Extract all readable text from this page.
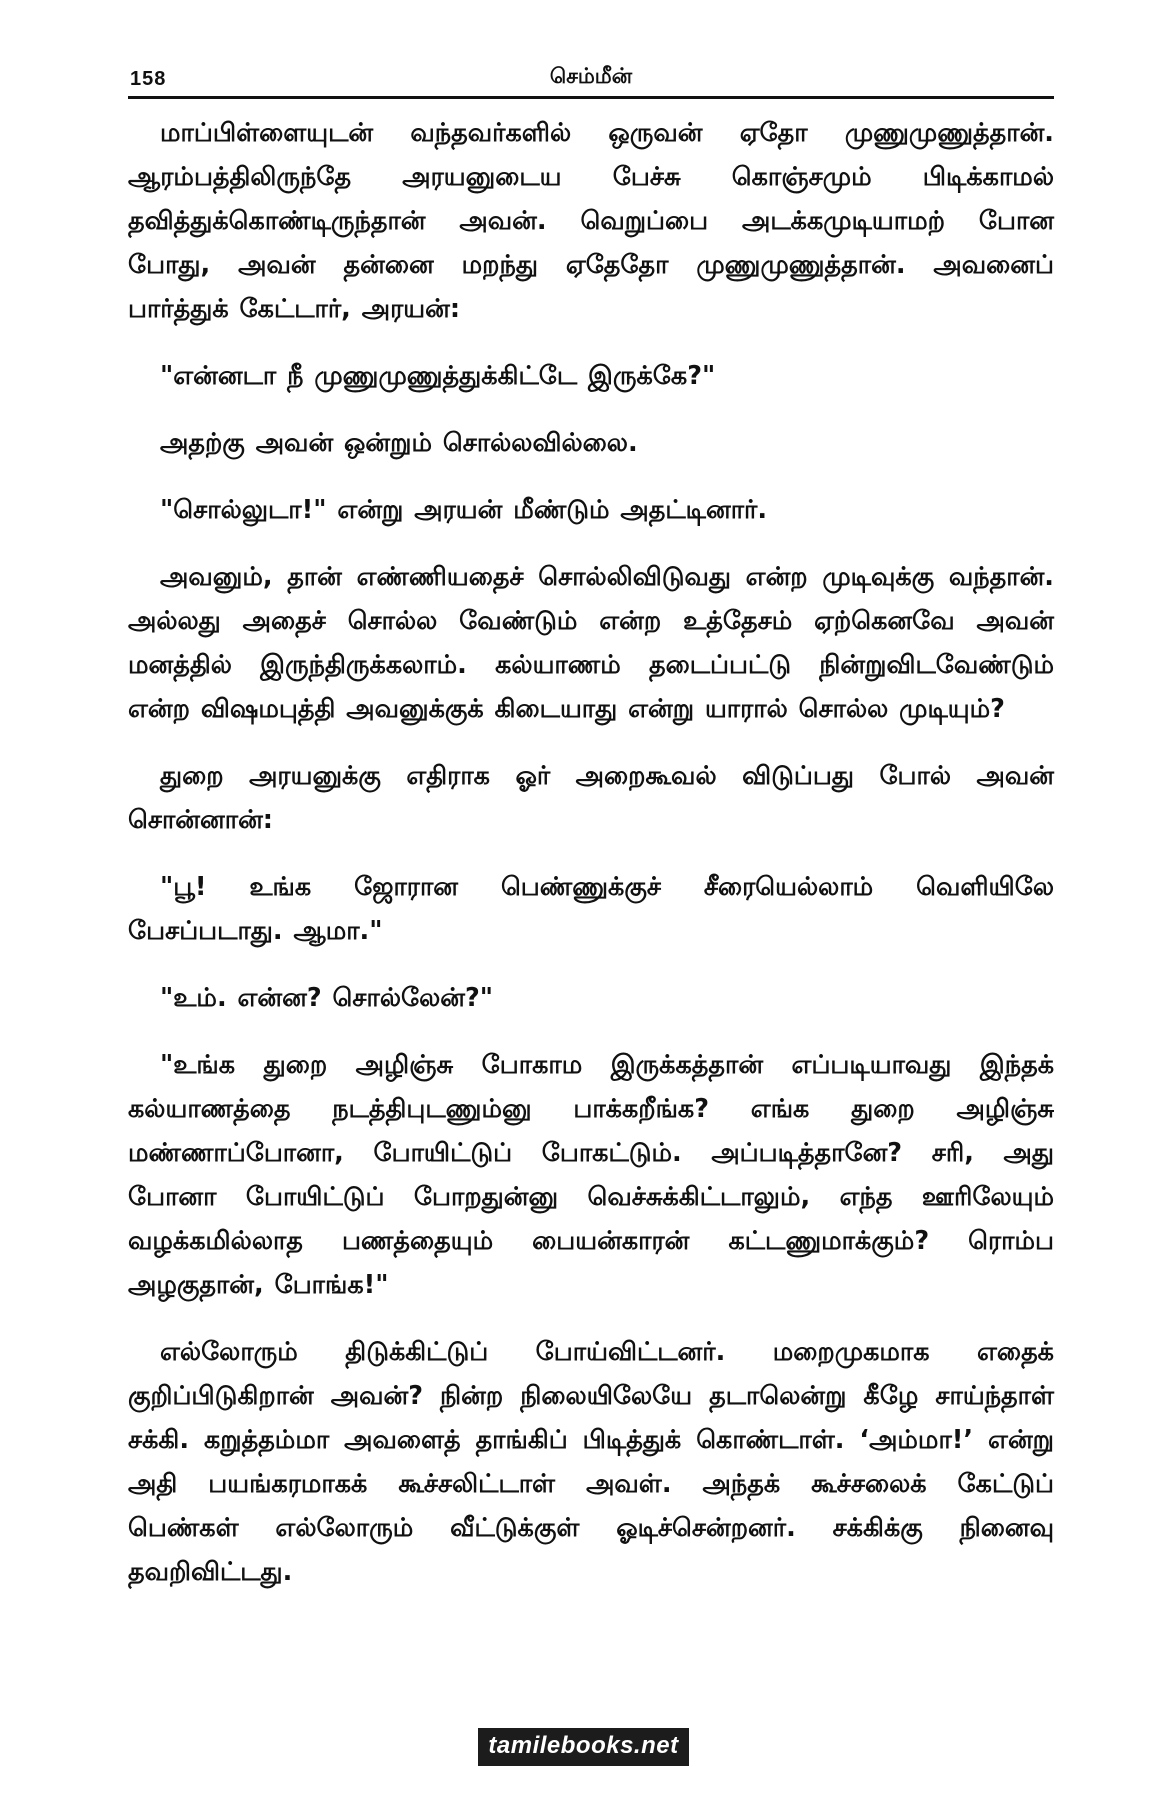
158	செம்மீன்

மாப்பிள்ளையுடன் வந்தவர்களில் ஒருவன் ஏதோ முணுமுணுத்தான். ஆரம்பத்திலிருந்தே அரயனுடைய பேச்சு கொஞ்சமும் பிடிக்காமல் தவித்துக்கொண்டிருந்தான் அவன். வெறுப்பை அடக்கமுடியாமற் போன போது, அவன் தன்னை மறந்து ஏதேதோ முணுமுணுத்தான். அவனைப் பார்த்துக் கேட்டார், அரயன்:

"என்னடா நீ முணுமுணுத்துக்கிட்டே இருக்கே?"

அதற்கு அவன் ஒன்றும் சொல்லவில்லை.

"சொல்லுடா!" என்று அரயன் மீண்டும் அதட்டினார்.

அவனும், தான் எண்ணியதைச் சொல்லிவிடுவது என்ற முடிவுக்கு வந்தான். அல்லது அதைச் சொல்ல வேண்டும் என்ற உத்தேசம் ஏற்கெனவே அவன் மனத்தில் இருந்திருக்கலாம். கல்யாணம் தடைப்பட்டு நின்றுவிடவேண்டும் என்ற விஷமபுத்தி அவனுக்குக் கிடையாது என்று யாரால் சொல்ல முடியும்?

துறை அரயனுக்கு எதிராக ஓர் அறைகூவல் விடுப்பது போல் அவன் சொன்னான்:

"பூ! உங்க ஜோரான பெண்ணுக்குச் சீரையெல்லாம் வெளியிலே பேசப்படாது. ஆமா."

"உம். என்ன? சொல்லேன்?"

"உங்க துறை அழிஞ்சு போகாம இருக்கத்தான் எப்படியாவது இந்தக் கல்யாணத்தை நடத்திபுடணும்னு பாக்கறீங்க? எங்க துறை அழிஞ்சு மண்ணாப்போனா, போயிட்டுப் போகட்டும். அப்படித்தானே? சரி, அது போனா போயிட்டுப் போறதுன்னு வெச்சுக்கிட்டாலும், எந்த ஊரிலேயும் வழக்கமில்லாத பணத்தையும் பையன்காரன் கட்டணுமாக்கும்? ரொம்ப அழகுதான், போங்க!"

எல்லோரும் திடுக்கிட்டுப் போய்விட்டனர். மறைமுகமாக எதைக் குறிப்பிடுகிறான் அவன்? நின்ற நிலையிலேயே தடாலென்று கீழே சாய்ந்தாள் சக்கி. கறுத்தம்மா அவளைத் தாங்கிப் பிடித்துக் கொண்டாள். ‘அம்மா!’ என்று அதி பயங்கரமாகக் கூச்சலிட்டாள் அவள். அந்தக் கூச்சலைக் கேட்டுப் பெண்கள் எல்லோரும் வீட்டுக்குள் ஓடிச்சென்றனர். சக்கிக்கு நினைவு தவறிவிட்டது.

tamilebooks.net
